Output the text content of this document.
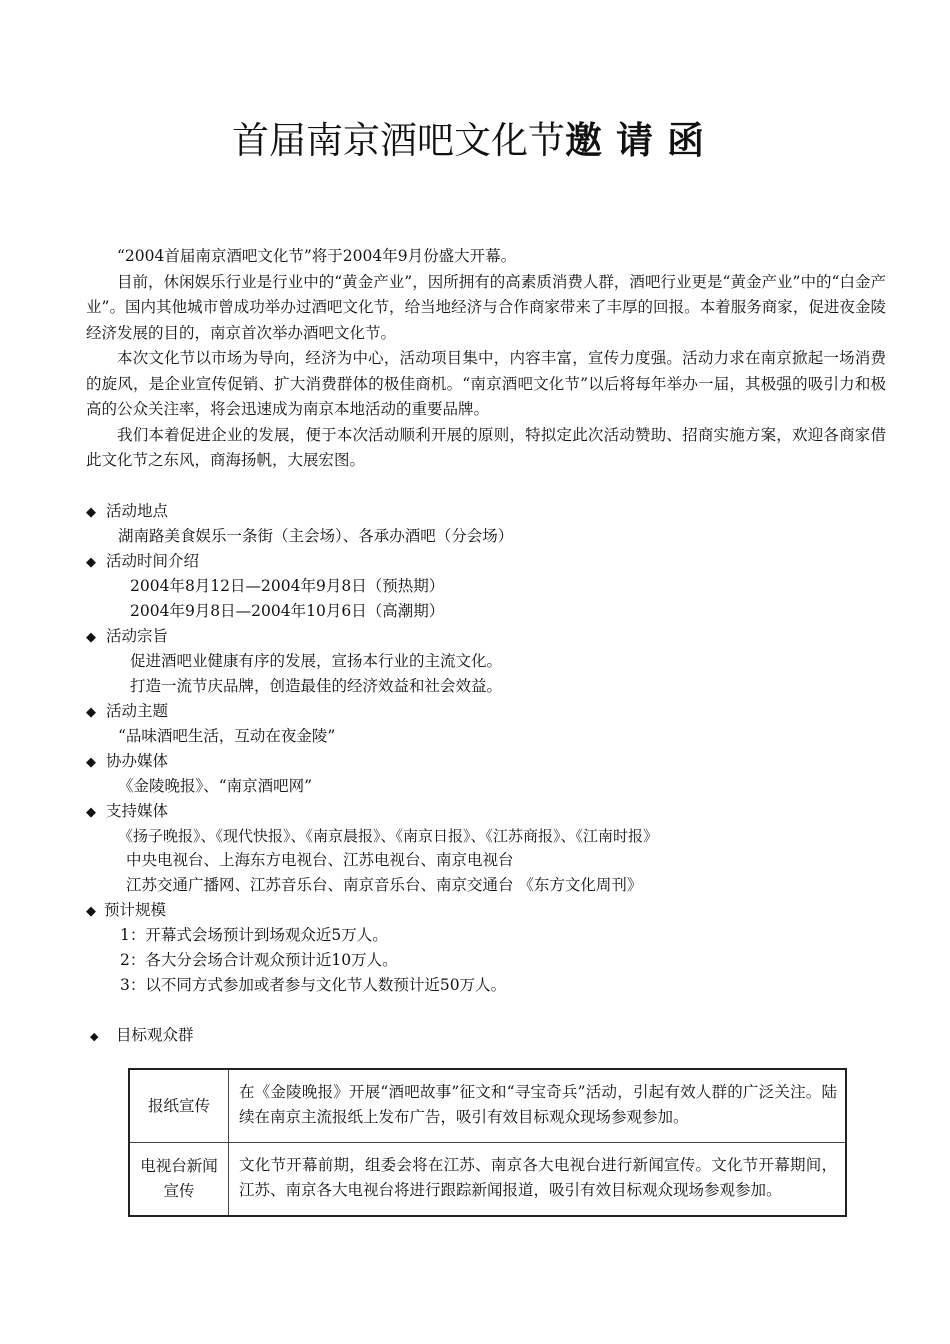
首届南京酒吧文化节邀请函

“2004首届南京酒吧文化节”将于2004年9月份盛大开幕。

目前，休闲娱乐行业是行业中的“黄金产业”，因所拥有的高素质消费人群，酒吧行业更是“黄金产业”中的“白金产业”。国内其他城市曾成功举办过酒吧文化节，给当地经济与合作商家带来了丰厚的回报。本着服务商家，促进夜金陵经济发展的目的，南京首次举办酒吧文化节。

本次文化节以市场为导向，经济为中心，活动项目集中，内容丰富，宣传力度强。活动力求在南京掀起一场消费的旋风，是企业宣传促销、扩大消费群体的极佳商机。“南京酒吧文化节”以后将每年举办一届，其极强的吸引力和极高的公众关注率，将会迅速成为南京本地活动的重要品牌。

我们本着促进企业的发展，便于本次活动顺利开展的原则，特拟定此次活动赞助、招商实施方案，欢迎各商家借此文化节之东风，商海扬帆，大展宏图。

◆ 活动地点
湖南路美食娱乐一条街（主会场）、各承办酒吧（分会场）
◆ 活动时间介绍
2004年8月12日—2004年9月8日（预热期）
2004年9月8日—2004年10月6日（高潮期）
◆ 活动宗旨
促进酒吧业健康有序的发展，宣扬本行业的主流文化。
打造一流节庆品牌，创造最佳的经济效益和社会效益。
◆ 活动主题
“品味酒吧生活，互动在夜金陵”
◆ 协办媒体
《金陵晚报》、“南京酒吧网”
◆ 支持媒体
《扬子晚报》、《现代快报》、《南京晨报》、《南京日报》、《江苏商报》、《江南时报》
中央电视台、上海东方电视台、江苏电视台、南京电视台
江苏交通广播网、江苏音乐台、南京音乐台、南京交通台 《东方文化周刊》
◆ 预计规模
1：开幕式会场预计到场观众近5万人。
2：各大分会场合计观众预计近10万人。
3：以不同方式参加或者参与文化节人数预计近50万人。
◆ 目标观众群
报纸宣传	在《金陵晚报》开展“酒吧故事”征文和“寻宝奇兵”活动，引起有效人群的广泛关注。陆续在南京主流报纸上发布广告，吸引有效目标观众现场参观参加。
电视台新闻宣传	文化节开幕前期，组委会将在江苏、南京各大电视台进行新闻宣传。文化节开幕期间，江苏、南京各大电视台将进行跟踪新闻报道，吸引有效目标观众现场参观参加。
